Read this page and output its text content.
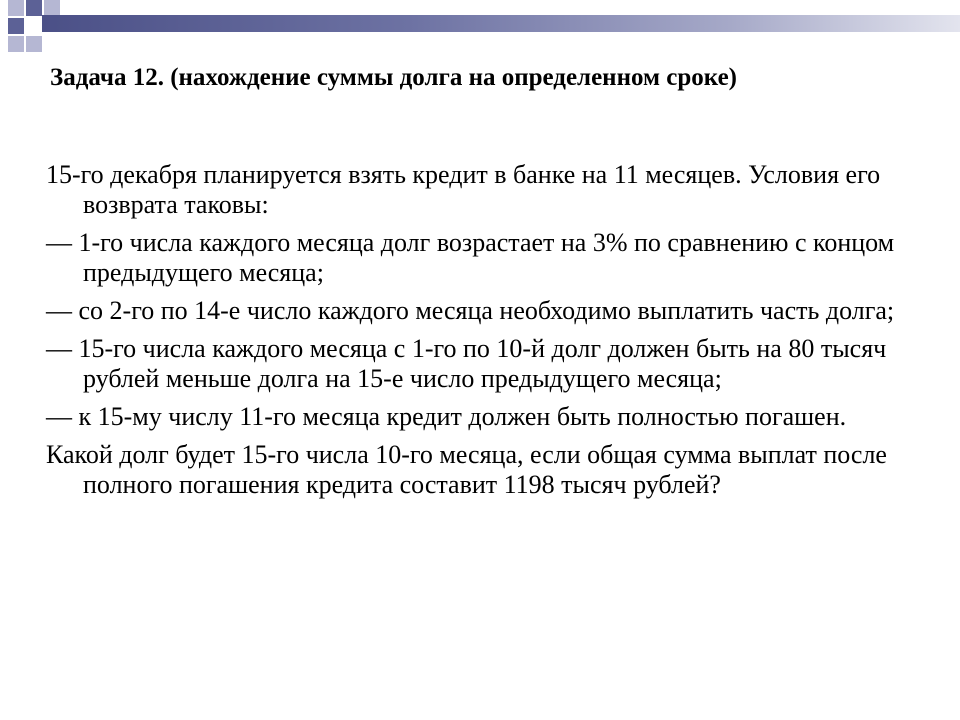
Задача 12. (нахождение суммы долга на определенном сроке)

15-го декабря планируется взять кредит в банке на 11 месяцев. Условия его возврата таковы:

— 1-го числа каждого месяца долг возрастает на 3% по сравнению с концом предыдущего месяца;

— со 2-го по 14-е число каждого месяца необходимо выплатить часть долга;

— 15-го числа каждого месяца с 1-го по 10-й долг должен быть на 80 тысяч рублей меньше долга на 15-е число предыдущего месяца;

— к 15-му числу 11-го месяца кредит должен быть полностью погашен.

Какой долг будет 15-го числа 10-го месяца, если общая сумма выплат после полного погашения кредита составит 1198 тысяч рублей?
